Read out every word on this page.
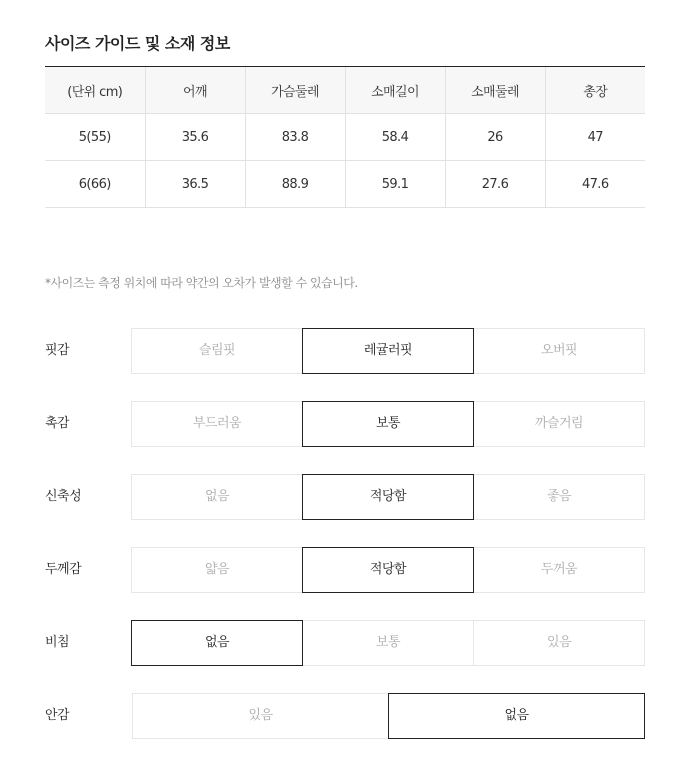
사이즈 가이드 및 소재 정보
(단위 cm)	어깨	가슴둘레	소매길이	소매둘레	총장
5(55)	35.6	83.8	58.4	26	47
6(66)	36.5	88.9	59.1	27.6	47.6
*사이즈는 측정 위치에 따라 약간의 오차가 발생할 수 있습니다.
핏감	슬림핏	레귤러핏	오버핏
촉감	부드러움	보통	까슬거림
신축성	없음	적당함	좋음
두께감	얇음	적당함	두꺼움
비침	없음	보통	있음
안감	있음	없음
